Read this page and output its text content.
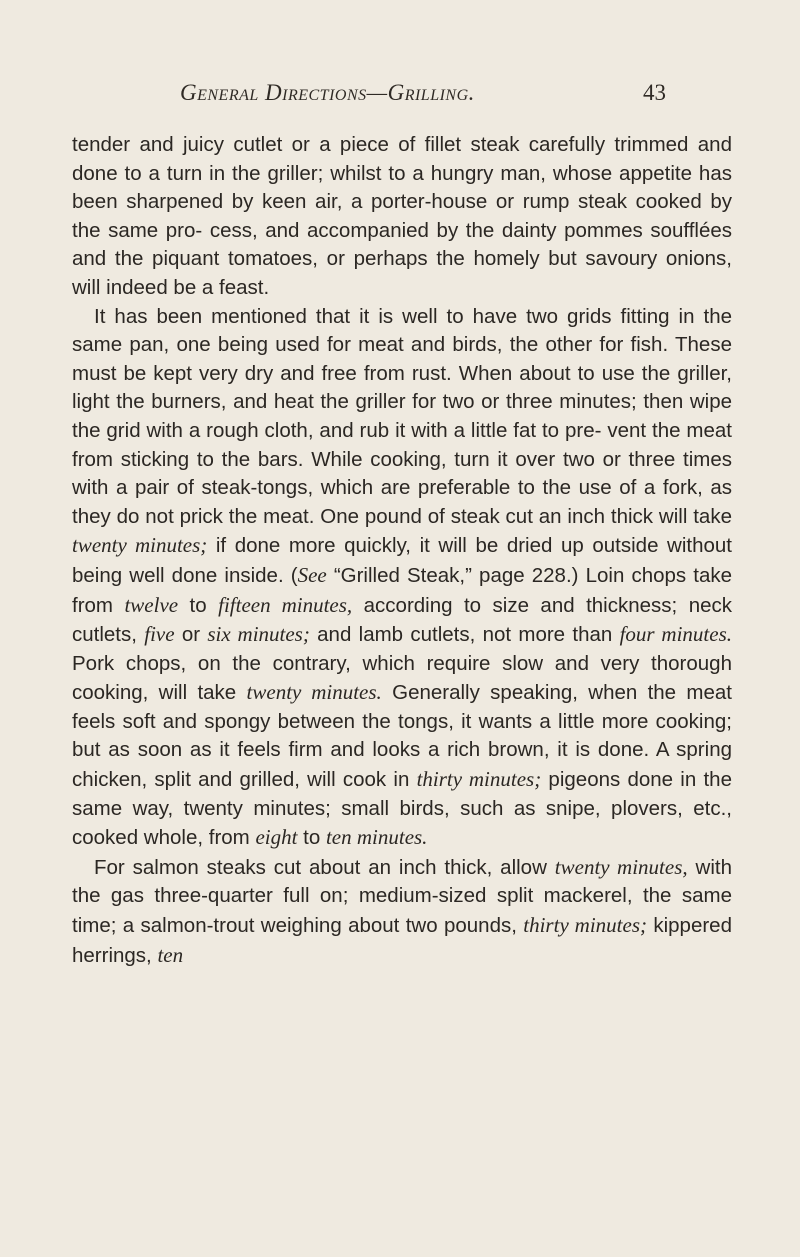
General Directions—Grilling.	43

tender and juicy cutlet or a piece of fillet steak carefully trimmed and done to a turn in the griller; whilst to a hungry man, whose appetite has been sharpened by keen air, a porter-house or rump steak cooked by the same pro- cess, and accompanied by the dainty pommes soufflées and the piquant tomatoes, or perhaps the homely but savoury onions, will indeed be a feast.

It has been mentioned that it is well to have two grids fitting in the same pan, one being used for meat and birds, the other for fish. These must be kept very dry and free from rust. When about to use the griller, light the burners, and heat the griller for two or three minutes; then wipe the grid with a rough cloth, and rub it with a little fat to pre- vent the meat from sticking to the bars. While cooking, turn it over two or three times with a pair of steak-tongs, which are preferable to the use of a fork, as they do not prick the meat. One pound of steak cut an inch thick will take twenty minutes; if done more quickly, it will be dried up outside without being well done inside. (See “Grilled Steak,” page 228.) Loin chops take from twelve to fifteen minutes, according to size and thickness; neck cutlets, five or six minutes; and lamb cutlets, not more than four minutes. Pork chops, on the contrary, which require slow and very thorough cooking, will take twenty minutes. Generally speaking, when the meat feels soft and spongy between the tongs, it wants a little more cooking; but as soon as it feels firm and looks a rich brown, it is done. A spring chicken, split and grilled, will cook in thirty minutes; pigeons done in the same way, twenty minutes; small birds, such as snipe, plovers, etc., cooked whole, from eight to ten minutes.

For salmon steaks cut about an inch thick, allow twenty minutes, with the gas three-quarter full on; medium-sized split mackerel, the same time; a salmon-trout weighing about two pounds, thirty minutes; kippered herrings, ten
